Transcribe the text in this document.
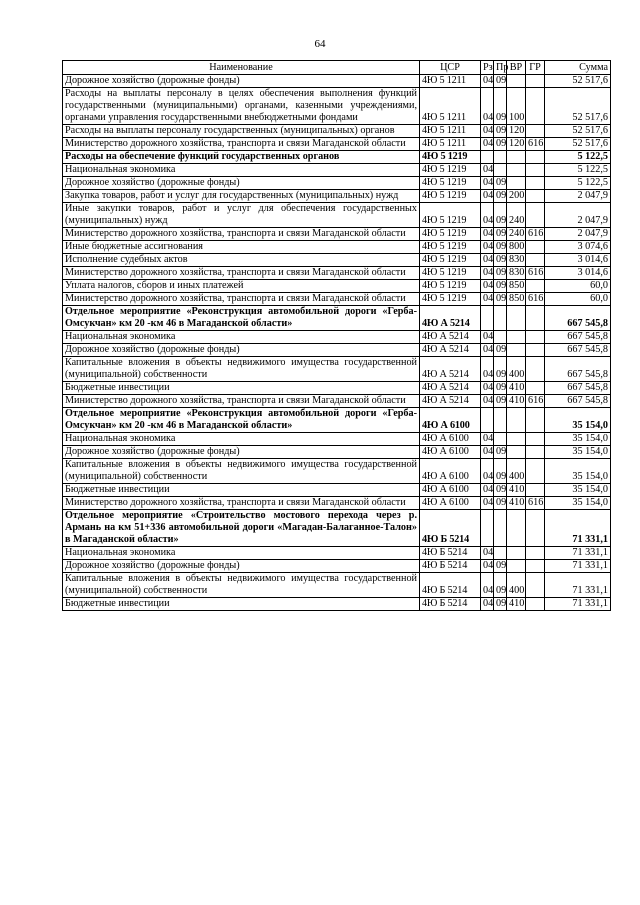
64
Наименование	ЦСР	Рз	Пр	ВР	ГР	Сумма
Дорожное хозяйство (дорожные фонды)	4Ю 5 1211	04	09			52 517,6
Расходы на выплаты персоналу в целях обеспечения выполнения функций государственными (муниципальными) органами, казенными учреждениями, органами управления государственными внебюджетными фондами	4Ю 5 1211	04	09	100		52 517,6
Расходы на выплаты персоналу государственных (муниципальных) органов	4Ю 5 1211	04	09	120		52 517,6
Министерство дорожного хозяйства, транспорта и связи Магаданской области	4Ю 5 1211	04	09	120	616	52 517,6
Расходы на обеспечение функций государственных органов	4Ю 5 1219					5 122,5
Национальная экономика	4Ю 5 1219	04				5 122,5
Дорожное хозяйство (дорожные фонды)	4Ю 5 1219	04	09			5 122,5
Закупка товаров, работ и услуг для государственных (муниципальных) нужд	4Ю 5 1219	04	09	200		2 047,9
Иные закупки товаров, работ и услуг для обеспечения государственных (муниципальных) нужд	4Ю 5 1219	04	09	240		2 047,9
Министерство дорожного хозяйства, транспорта и связи Магаданской области	4Ю 5 1219	04	09	240	616	2 047,9
Иные бюджетные ассигнования	4Ю 5 1219	04	09	800		3 074,6
Исполнение судебных актов	4Ю 5 1219	04	09	830		3 014,6
Министерство дорожного хозяйства, транспорта и связи Магаданской области	4Ю 5 1219	04	09	830	616	3 014,6
Уплата налогов, сборов и иных платежей	4Ю 5 1219	04	09	850		60,0
Министерство дорожного хозяйства, транспорта и связи Магаданской области	4Ю 5 1219	04	09	850	616	60,0
Отдельное мероприятие «Реконструкция автомобильной дороги «Герба-Омсукчан» км 20 -км 46 в Магаданской области»	4Ю А 5214					667 545,8
Национальная экономика	4Ю А 5214	04				667 545,8
Дорожное хозяйство (дорожные фонды)	4Ю А 5214	04	09			667 545,8
Капитальные вложения в объекты недвижимого имущества государственной (муниципальной) собственности	4Ю А 5214	04	09	400		667 545,8
Бюджетные инвестиции	4Ю А 5214	04	09	410		667 545,8
Министерство дорожного хозяйства, транспорта и связи Магаданской области	4Ю А 5214	04	09	410	616	667 545,8
Отдельное мероприятие «Реконструкция автомобильной дороги «Герба-Омсукчан» км 20 -км 46 в Магаданской области»	4Ю А 6100					35 154,0
Национальная экономика	4Ю А 6100	04				35 154,0
Дорожное хозяйство (дорожные фонды)	4Ю А 6100	04	09			35 154,0
Капитальные вложения в объекты недвижимого имущества государственной (муниципальной) собственности	4Ю А 6100	04	09	400		35 154,0
Бюджетные инвестиции	4Ю А 6100	04	09	410		35 154,0
Министерство дорожного хозяйства, транспорта и связи Магаданской области	4Ю А 6100	04	09	410	616	35 154,0
Отдельное мероприятие «Строительство мостового перехода через р. Армань на км 51+336 автомобильной дороги «Магадан-Балаганное-Талон» в Магаданской области»	4Ю Б 5214					71 331,1
Национальная экономика	4Ю Б 5214	04				71 331,1
Дорожное хозяйство (дорожные фонды)	4Ю Б 5214	04	09			71 331,1
Капитальные вложения в объекты недвижимого имущества государственной (муниципальной) собственности	4Ю Б 5214	04	09	400		71 331,1
Бюджетные инвестиции	4Ю Б 5214	04	09	410		71 331,1
